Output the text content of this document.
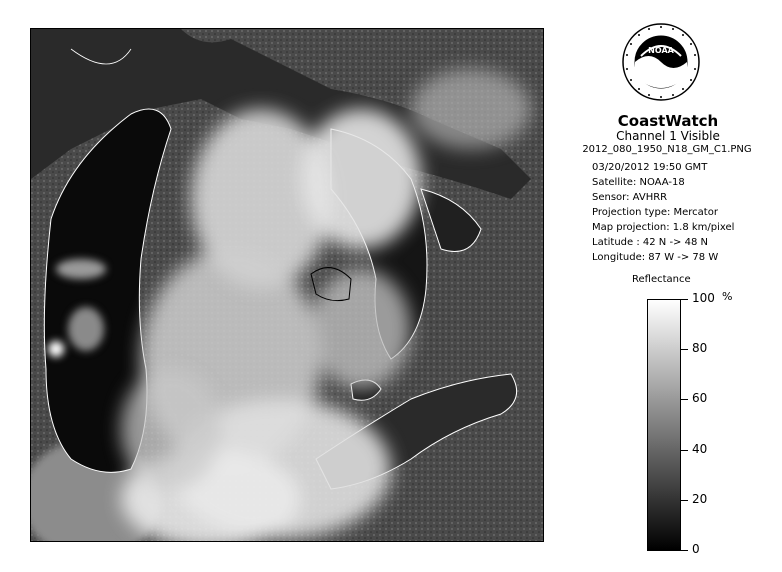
NOAA
CoastWatch
Channel 1 Visible
2012_080_1950_N18_GM_C1.PNG
03/20/2012 19:50 GMT
Satellite: NOAA-18
Sensor: AVHRR
Projection type: Mercator
Map projection: 1.8 km/pixel
Latitude : 42 N -> 48 N
Longitude: 87 W -> 78 W
Reflectance
%
0
20
40
60
80
100
